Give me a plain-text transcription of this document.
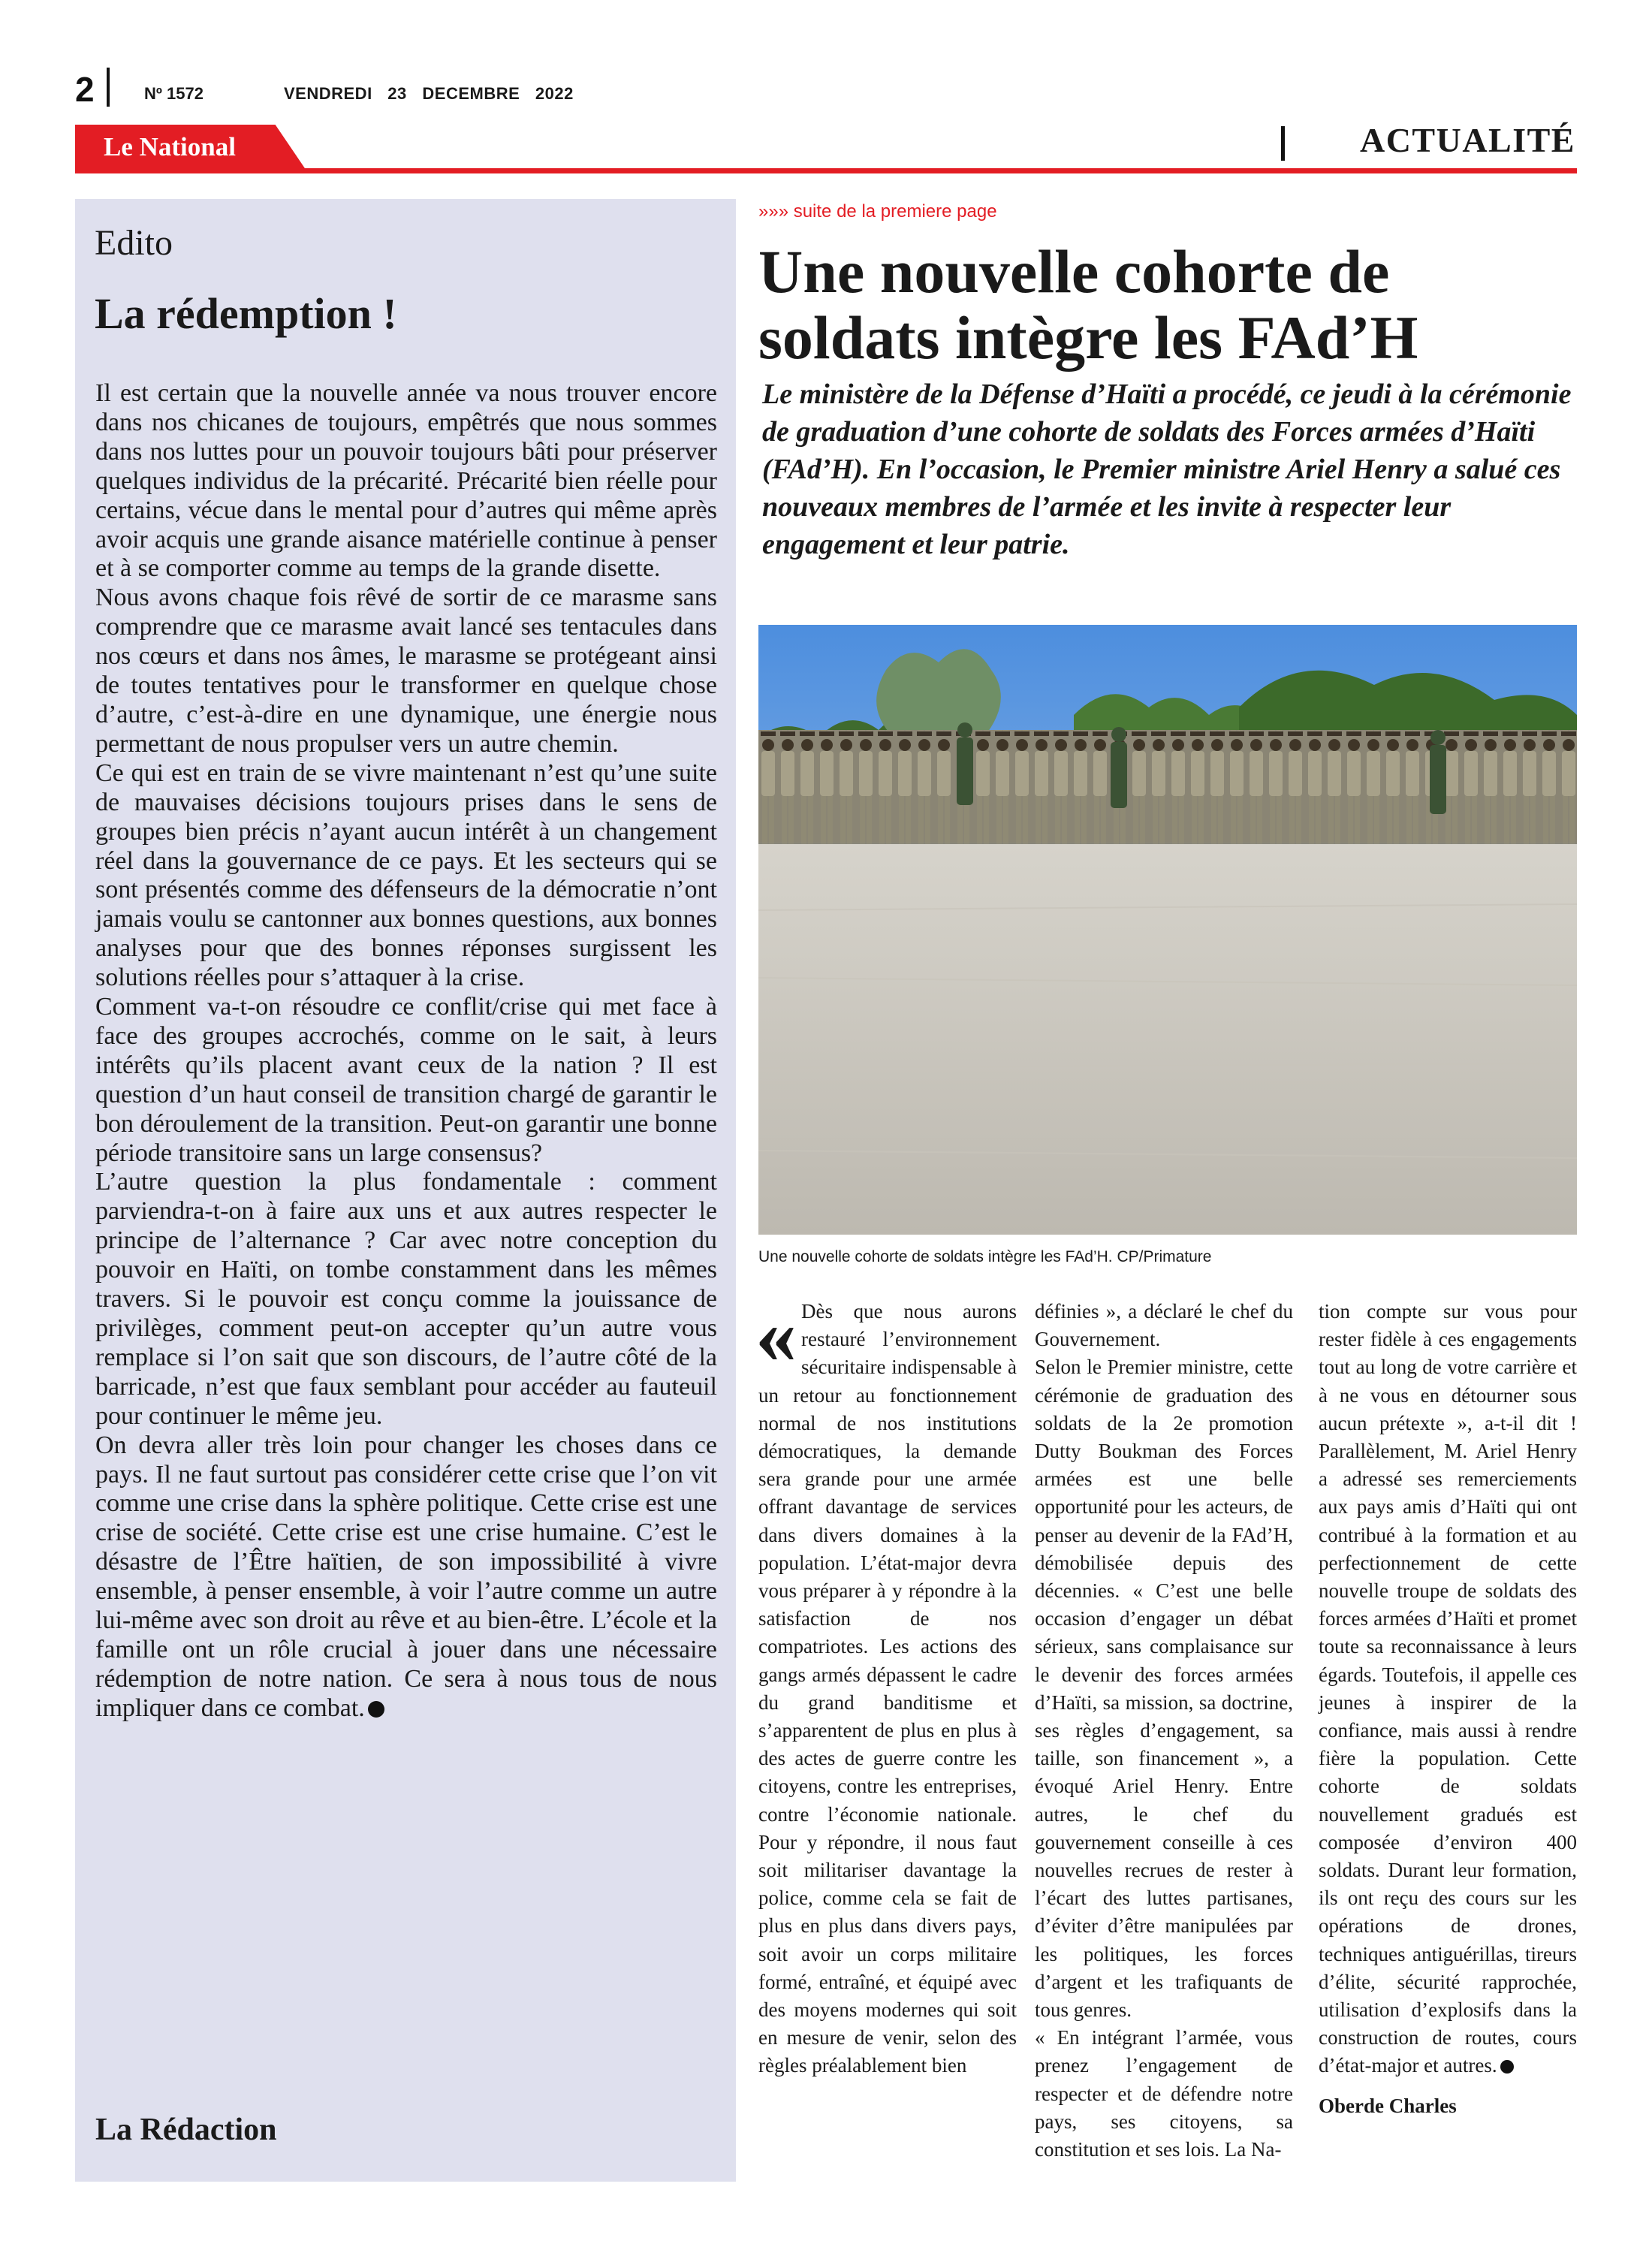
2	Nº 1572	VENDREDI 23 DECEMBRE 2022
Le National	ACTUALITÉ
Edito
La rédemption !

Il est certain que la nouvelle année va nous trouver encore dans nos chicanes de toujours, empêtrés que nous sommes dans nos luttes pour un pouvoir toujours bâti pour préserver quelques individus de la précarité. Précarité bien réelle pour certains, vécue dans le mental pour d’autres qui même après avoir acquis une grande aisance matérielle continue à penser et à se comporter comme au temps de la grande disette.

Nous avons chaque fois rêvé de sortir de ce marasme sans comprendre que ce marasme avait lancé ses tentacules dans nos cœurs et dans nos âmes, le marasme se protégeant ainsi de toutes tentatives pour le transformer en quelque chose d’autre, c’est-à-dire en une dynamique, une énergie nous permettant de nous propulser vers un autre chemin.

Ce qui est en train de se vivre maintenant n’est qu’une suite de mauvaises décisions toujours prises dans le sens de groupes bien précis n’ayant aucun intérêt à un changement réel dans la gouvernance de ce pays. Et les secteurs qui se sont présentés comme des défenseurs de la démocratie n’ont jamais voulu se cantonner aux bonnes questions, aux bonnes analyses pour que des bonnes réponses surgissent les solutions réelles pour s’attaquer à la crise.

Comment va-t-on résoudre ce conflit/crise qui met face à face des groupes accrochés, comme on le sait, à leurs intérêts qu’ils placent avant ceux de la nation ? Il est question d’un haut conseil de transition chargé de garantir le bon déroulement de la transition. Peut-on garantir une bonne période transitoire sans un large consensus?

L’autre question la plus fondamentale : comment parviendra-t-on à faire aux uns et aux autres respecter le principe de l’alternance ? Car avec notre conception du pouvoir en Haïti, on tombe constamment dans les mêmes travers. Si le pouvoir est conçu comme la jouissance de privilèges, comment peut-on accepter qu’un autre vous remplace si l’on sait que son discours, de l’autre côté de la barricade, n’est que faux semblant pour accéder au fauteuil pour continuer le même jeu.

On devra aller très loin pour changer les choses dans ce pays. Il ne faut surtout pas considérer cette crise que l’on vit comme une crise dans la sphère politique. Cette crise est une crise de société. Cette crise est une crise humaine. C’est le désastre de l’Être haïtien, de son impossibilité à vivre ensemble, à penser ensemble, à voir l’autre comme un autre lui-même avec son droit au rêve et au bien-être. L’école et la famille ont un rôle crucial à jouer dans une nécessaire rédemption de notre nation. Ce sera à nous tous de nous impliquer dans ce combat.

La Rédaction
»»» suite de la premiere page
Une nouvelle cohorte de soldats intègre les FAd’H
Le ministère de la Défense d’Haïti a procédé, ce jeudi à la cérémonie de graduation d’une cohorte de soldats des Forces armées d’Haïti (FAd’H). En l’occasion, le Premier ministre Ariel Henry a salué ces nouveaux membres de l’armée et les invite à respecter leur engagement et leur patrie.
Une nouvelle cohorte de soldats intègre les FAd’H. CP/Primature

« Dès que nous aurons restauré l’environnement sécuritaire indispensable à un retour au fonctionnement normal de nos institutions démocratiques, la demande sera grande pour une armée offrant davantage de services dans divers domaines à la population. L’état-major devra vous préparer à y répondre à la satisfaction de nos compatriotes. Les actions des gangs armés dépassent le cadre du grand banditisme et s’apparentent de plus en plus à des actes de guerre contre les citoyens, contre les entreprises, contre l’économie nationale. Pour y répondre, il nous faut soit militariser davantage la police, comme cela se fait de plus en plus dans divers pays, soit avoir un corps militaire formé, entraîné, et équipé avec des moyens modernes qui soit en mesure de venir, selon des règles préalablement bien

définies », a déclaré le chef du Gouvernement.

Selon le Premier ministre, cette cérémonie de graduation des soldats de la 2e promotion Dutty Boukman des Forces armées est une belle opportunité pour les acteurs, de penser au devenir de la FAd’H, démobilisée depuis des décennies. « C’est une belle occasion d’engager un débat sérieux, sans complaisance sur le devenir des forces armées d’Haïti, sa mission, sa doctrine, ses règles d’engagement, sa taille, son financement », a évoqué Ariel Henry. Entre autres, le chef du gouvernement conseille à ces nouvelles recrues de rester à l’écart des luttes partisanes, d’éviter d’être manipulées par les politiques, les forces d’argent et les trafiquants de tous genres.

« En intégrant l’armée, vous prenez l’engagement de respecter et de défendre notre pays, ses citoyens, sa constitution et ses lois. La Na-

tion compte sur vous pour rester fidèle à ces engagements tout au long de votre carrière et à ne vous en détourner sous aucun prétexte », a-t-il dit ! Parallèlement, M. Ariel Henry a adressé ses remerciements aux pays amis d’Haïti qui ont contribué à la formation et au perfectionnement de cette nouvelle troupe de soldats des forces armées d’Haïti et promet toute sa reconnaissance à leurs égards. Toutefois, il appelle ces jeunes à inspirer de la confiance, mais aussi à rendre fière la population. Cette cohorte de soldats nouvellement gradués est composée d’environ 400 soldats. Durant leur formation, ils ont reçu des cours sur les opérations de drones, techniques antiguérillas, tireurs d’élite, sécurité rapprochée, utilisation d’explosifs dans la construction de routes, cours d’état-major et autres.

Oberde Charles
